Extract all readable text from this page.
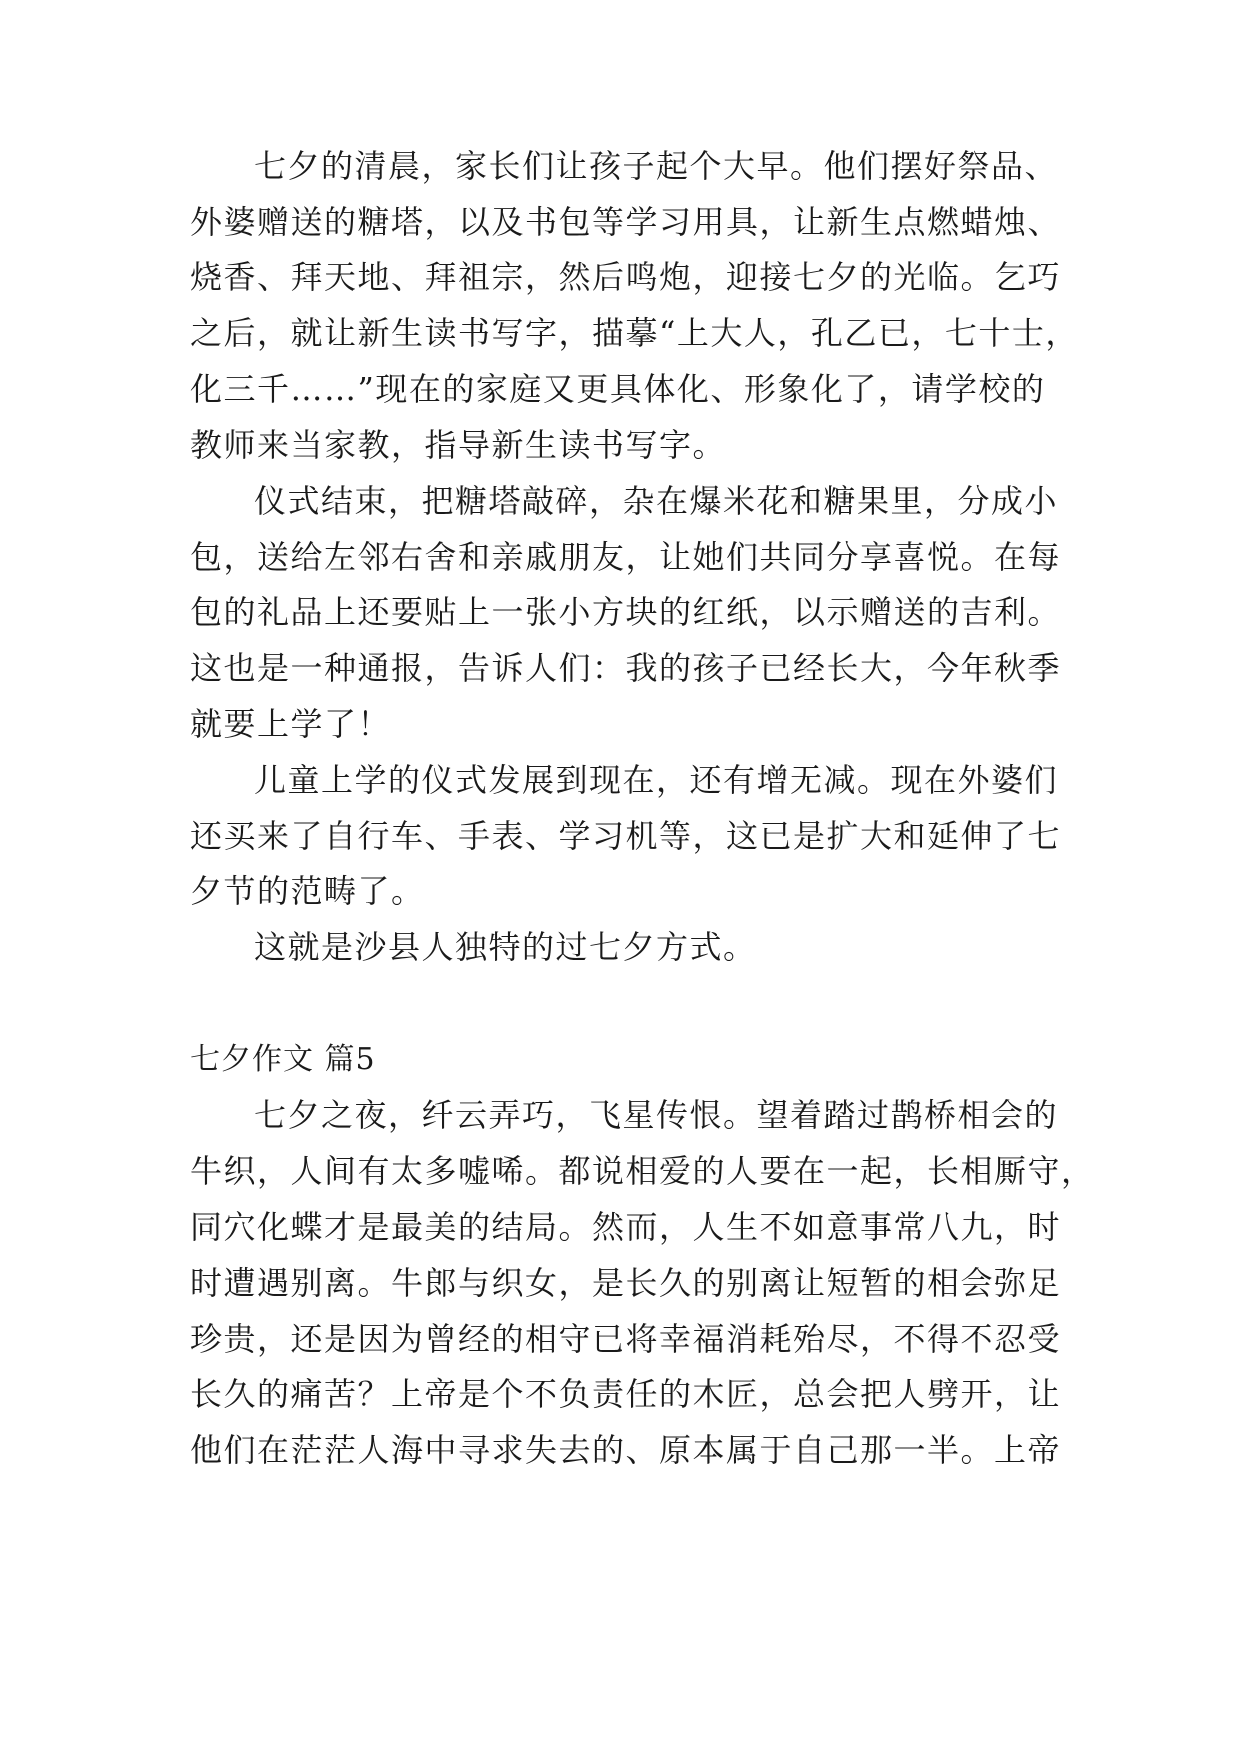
七夕的清晨，家长们让孩子起个大早。他们摆好祭品、
外婆赠送的糖塔，以及书包等学习用具，让新生点燃蜡烛、
烧香、拜天地、拜祖宗，然后鸣炮，迎接七夕的光临。乞巧
之后，就让新生读书写字，描摹“上大人，孔乙已，七十士，
化三千……”现在的家庭又更具体化、形象化了，请学校的
教师来当家教，指导新生读书写字。
仪式结束，把糖塔敲碎，杂在爆米花和糖果里，分成小
包，送给左邻右舍和亲戚朋友，让她们共同分享喜悦。在每
包的礼品上还要贴上一张小方块的红纸，以示赠送的吉利。
这也是一种通报，告诉人们：我的孩子已经长大，今年秋季
就要上学了！
儿童上学的仪式发展到现在，还有增无减。现在外婆们
还买来了自行车、手表、学习机等，这已是扩大和延伸了七
夕节的范畴了。
这就是沙县人独特的过七夕方式。
七夕作文 篇5
七夕之夜，纤云弄巧，飞星传恨。望着踏过鹊桥相会的
牛织，人间有太多嘘唏。都说相爱的人要在一起，长相厮守，
同穴化蝶才是最美的结局。然而，人生不如意事常八九，时
时遭遇别离。牛郎与织女，是长久的别离让短暂的相会弥足
珍贵，还是因为曾经的相守已将幸福消耗殆尽，不得不忍受
长久的痛苦？上帝是个不负责任的木匠，总会把人劈开，让
他们在茫茫人海中寻求失去的、原本属于自己那一半。上帝
